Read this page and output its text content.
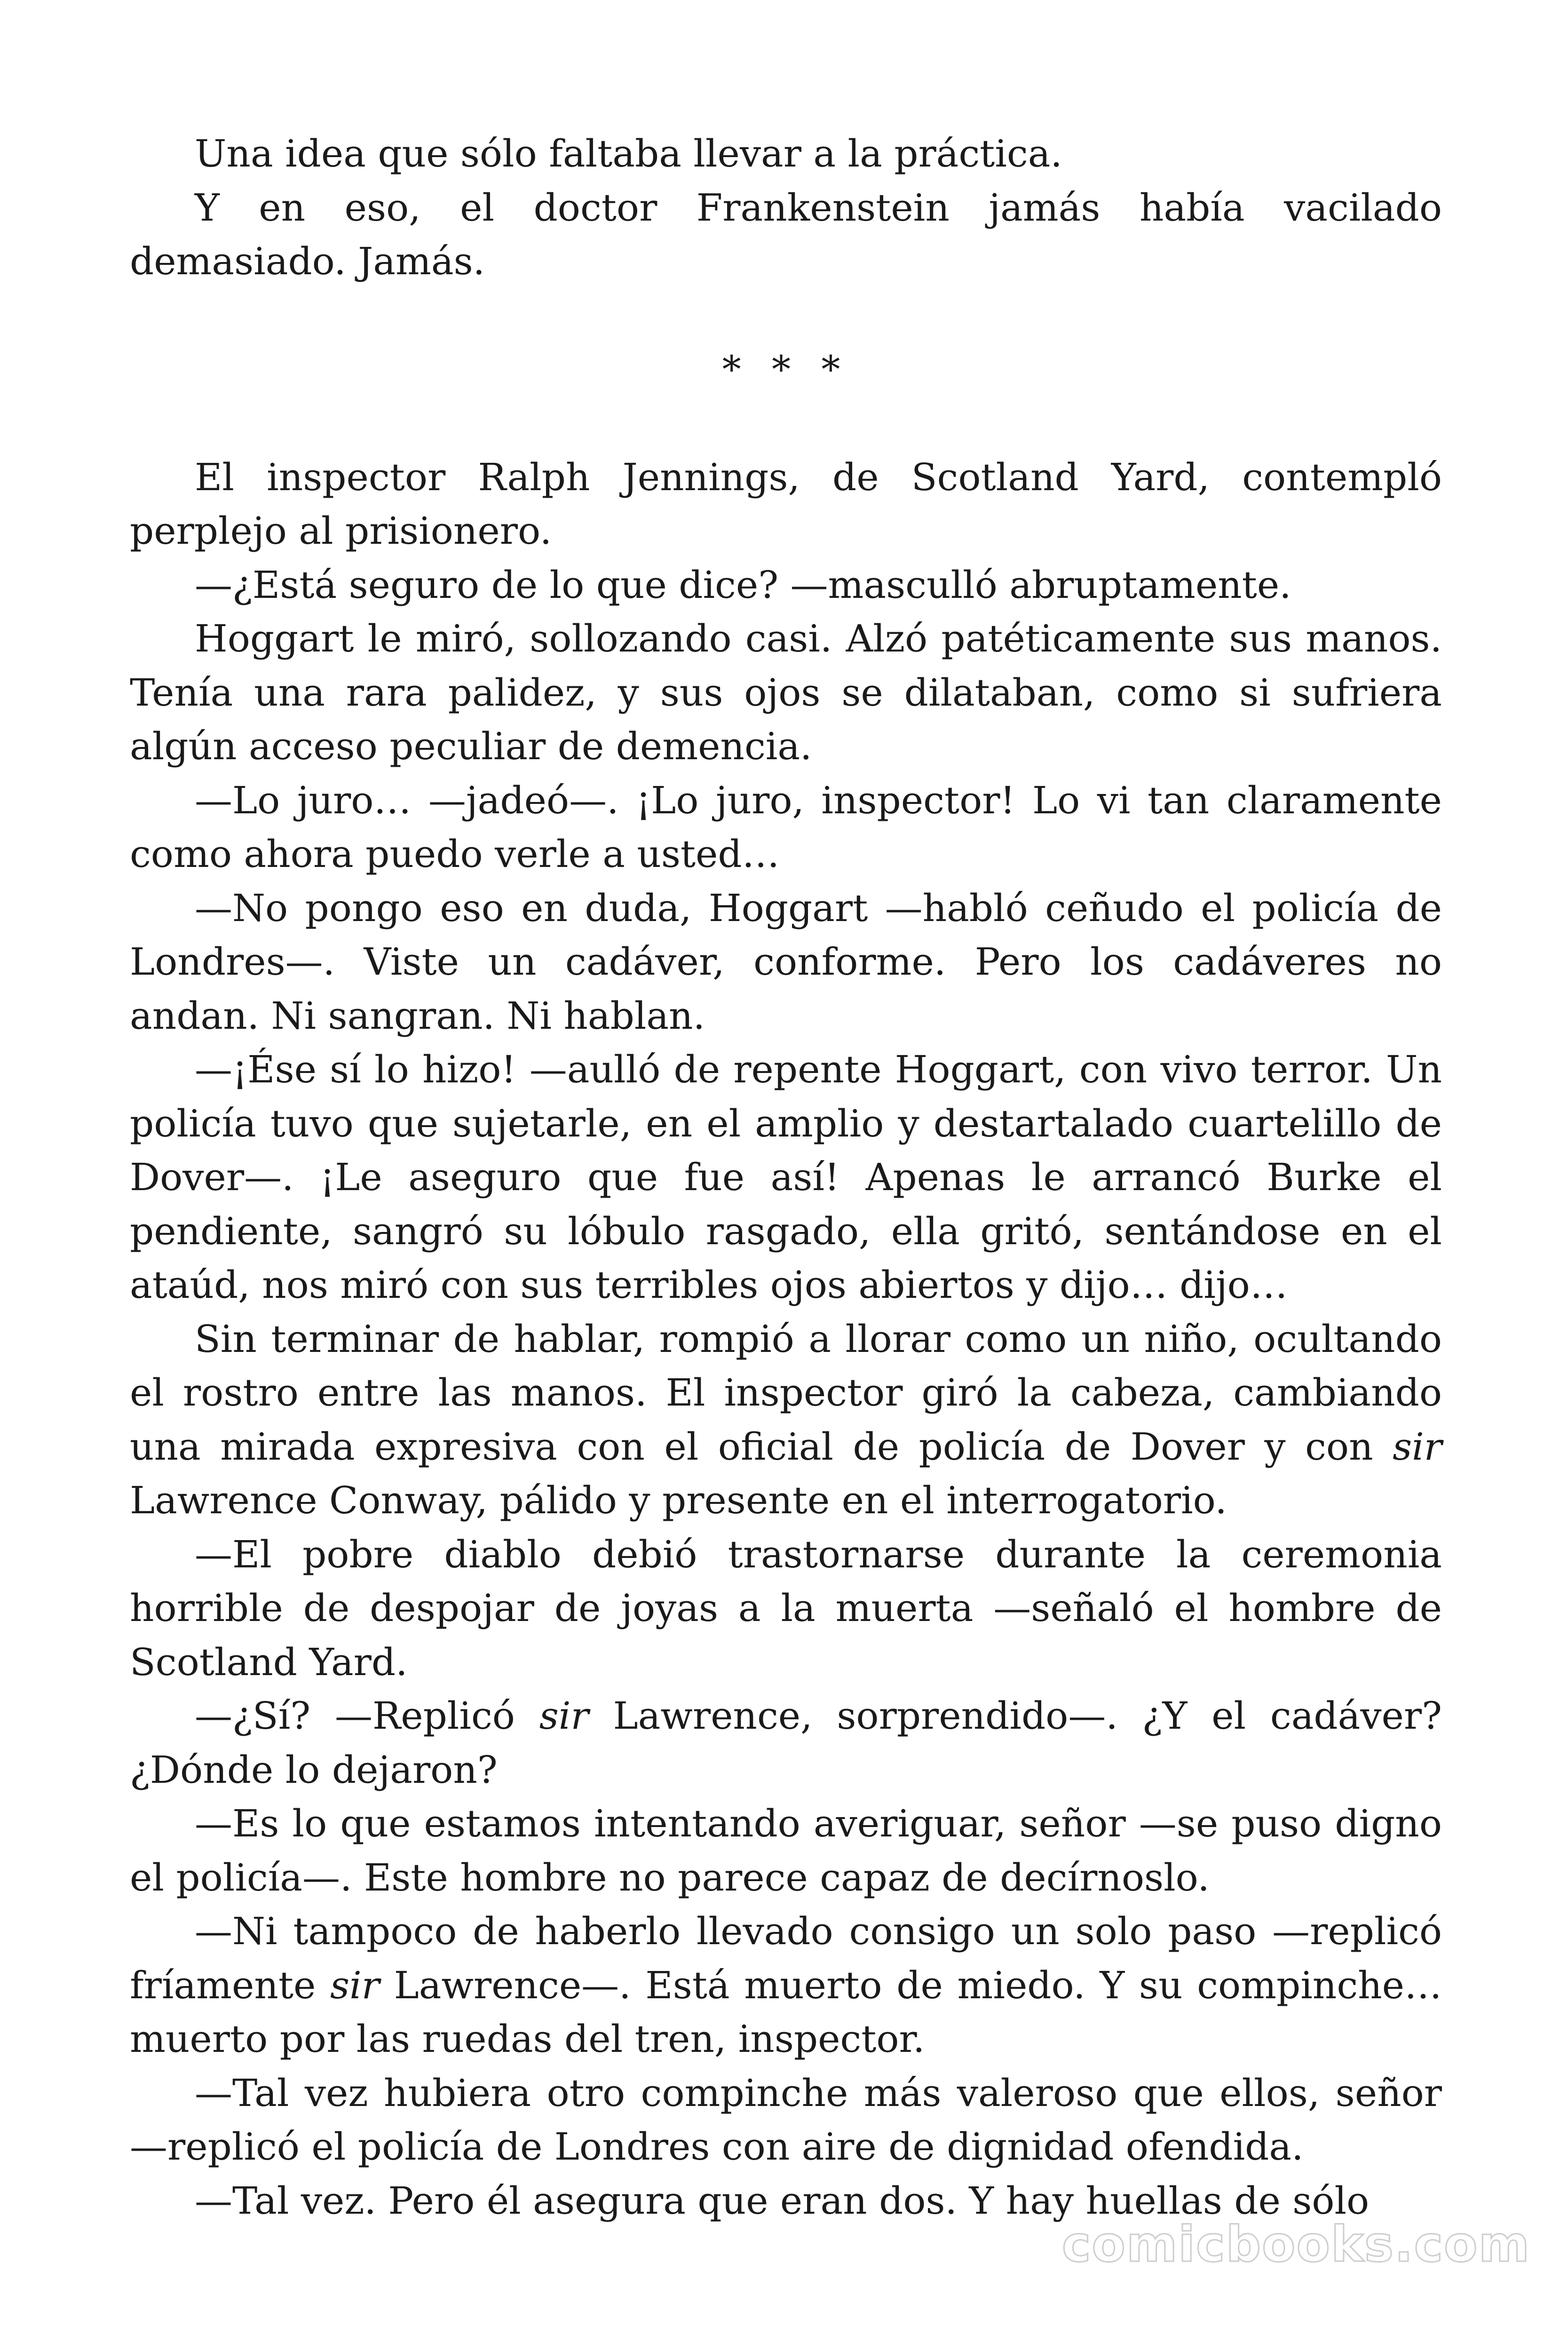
Una idea que sólo faltaba llevar a la práctica.

Y en eso, el doctor Frankenstein jamás había vacilado demasiado. Jamás.

* * *

El inspector Ralph Jennings, de Scotland Yard, contempló perplejo al prisionero.

—¿Está seguro de lo que dice? —masculló abruptamente.

Hoggart le miró, sollozando casi. Alzó patéticamente sus manos. Tenía una rara palidez, y sus ojos se dilataban, como si sufriera algún acceso peculiar de demencia.

—Lo juro… —jadeó—. ¡Lo juro, inspector! Lo vi tan claramente como ahora puedo verle a usted…

—No pongo eso en duda, Hoggart —habló ceñudo el policía de Londres—. Viste un cadáver, conforme. Pero los cadáveres no andan. Ni sangran. Ni hablan.

—¡Ése sí lo hizo! —aulló de repente Hoggart, con vivo terror. Un policía tuvo que sujetarle, en el amplio y destartalado cuartelillo de Dover—. ¡Le aseguro que fue así! Apenas le arrancó Burke el pendiente, sangró su lóbulo rasgado, ella gritó, sentándose en el ataúd, nos miró con sus terribles ojos abiertos y dijo… dijo…

Sin terminar de hablar, rompió a llorar como un niño, ocultando el rostro entre las manos. El inspector giró la cabeza, cambiando una mirada expresiva con el oficial de policía de Dover y con sir Lawrence Conway, pálido y presente en el interrogatorio.

—El pobre diablo debió trastornarse durante la ceremonia horrible de despojar de joyas a la muerta —señaló el hombre de Scotland Yard.

—¿Sí? —Replicó sir Lawrence, sorprendido—. ¿Y el cadáver? ¿Dónde lo dejaron?

—Es lo que estamos intentando averiguar, señor —se puso digno el policía—. Este hombre no parece capaz de decírnoslo.

—Ni tampoco de haberlo llevado consigo un solo paso —replicó fríamente sir Lawrence—. Está muerto de miedo. Y su compinche… muerto por las ruedas del tren, inspector.

—Tal vez hubiera otro compinche más valeroso que ellos, señor —replicó el policía de Londres con aire de dignidad ofendida.

—Tal vez. Pero él asegura que eran dos. Y hay huellas de sólo

comicbooks.com
